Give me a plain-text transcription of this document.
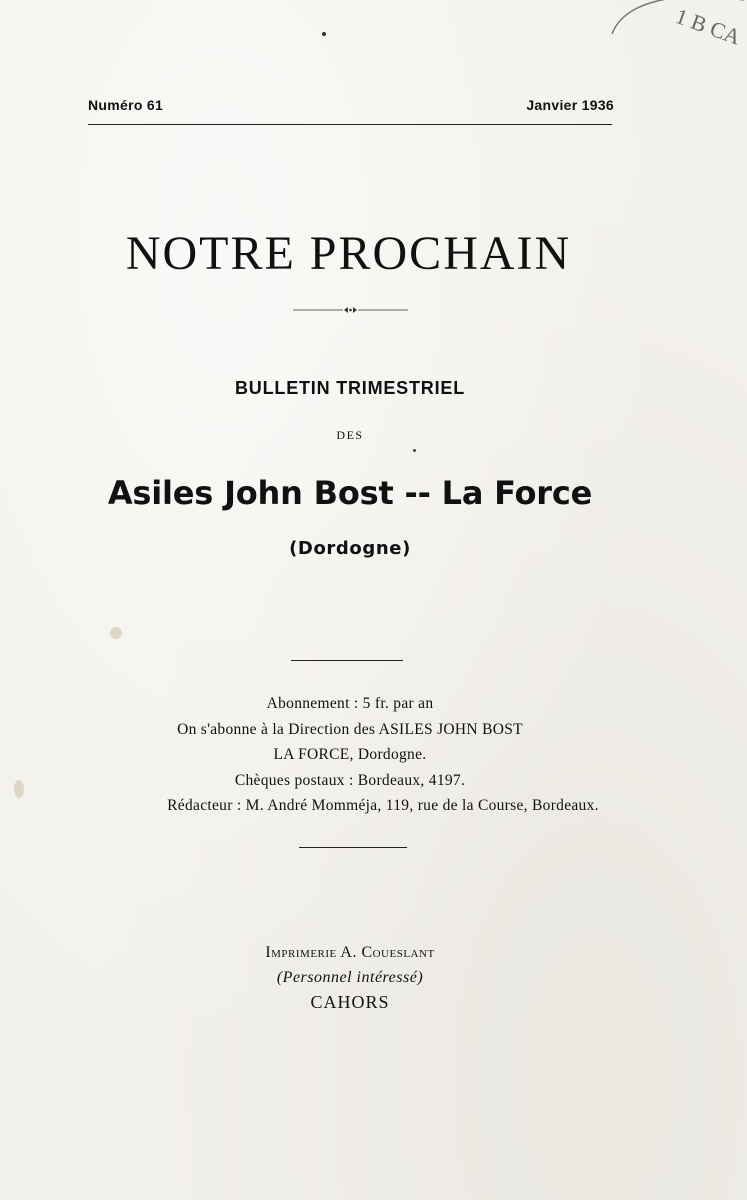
1 B CA
Numéro 61	Janvier 1936
NOTRE PROCHAIN
BULLETIN TRIMESTRIEL
DES
Asiles John Bost -- La Force
(Dordogne)
Abonnement : 5 fr. par an
On s'abonne à la Direction des ASILES JOHN BOST
LA FORCE, Dordogne.
Chèques postaux : Bordeaux, 4197.
Rédacteur : M. André Momméja, 119, rue de la Course, Bordeaux.
Imprimerie A. Coueslant
(Personnel intéressé)
CAHORS
